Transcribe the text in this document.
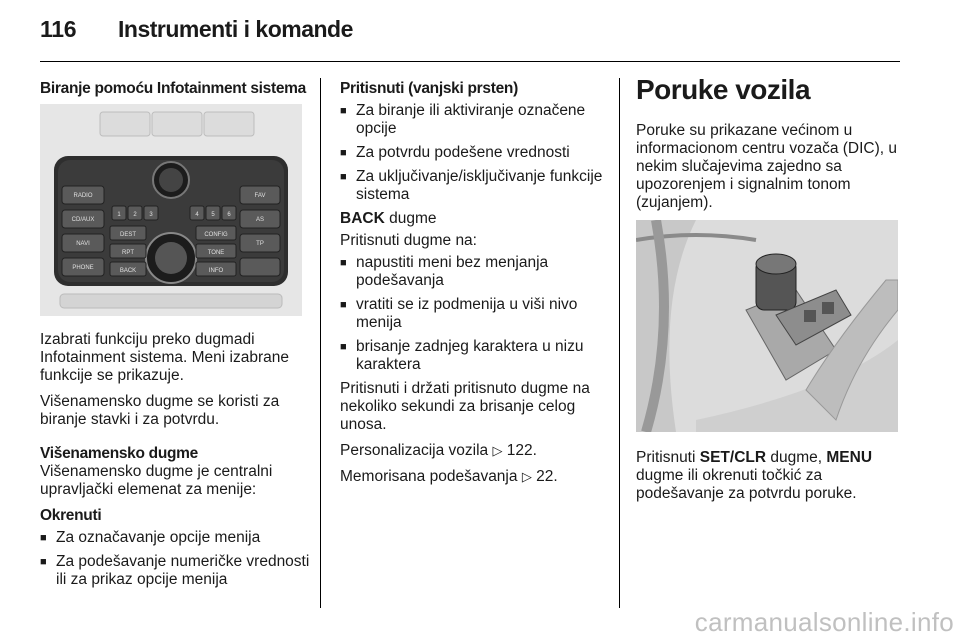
116 Instrumenti i komande

Biranje pomoću Infotainment sistema

RADIO
CD/AUX
NAVI
PHONE
FAV
AS
TP
1 2 3	4 5 6
DEST
RPT
BACK
CONFIG
TONE
INFO

Izabrati funkciju preko dugmadi Infotainment sistema. Meni izabrane funkcije se prikazuje.

Višenamensko dugme se koristi za biranje stavki i za potvrdu.

Višenamensko dugme

Višenamensko dugme je centralni upravljački elemenat za menije:

Okrenuti

■ Za označavanje opcije menija
■ Za podešavanje numeričke vrednosti ili za prikaz opcije menija

Pritisnuti (vanjski prsten)

■ Za biranje ili aktiviranje označene opcije
■ Za potvrdu podešene vrednosti
■ Za uključivanje/isključivanje funkcije sistema

BACK dugme

Pritisnuti dugme na:

■ napustiti meni bez menjanja podešavanja
■ vratiti se iz podmenija u viši nivo menija
■ brisanje zadnjeg karaktera u nizu karaktera

Pritisnuti i držati pritisnuto dugme na nekoliko sekundi za brisanje celog unosa.

Personalizacija vozila ▷ 122.

Memorisana podešavanja ▷ 22.

Poruke vozila

Poruke su prikazane većinom u informacionom centru vozača (DIC), u nekim slučajevima zajedno sa upozorenjem i signalnim tonom (zujanjem).

Pritisnuti SET/CLR dugme, MENU dugme ili okrenuti točkić za podešavanje za potvrdu poruke.

carmanualsonline.info
